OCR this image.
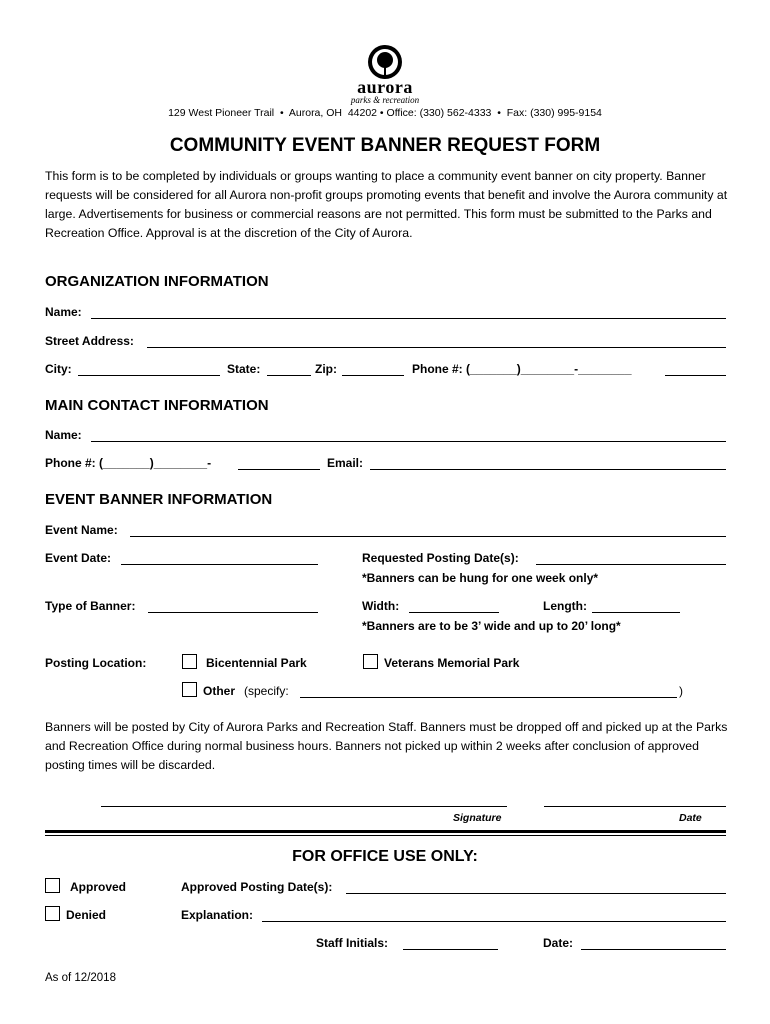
aurora
parks & recreation
129 West Pioneer Trail  •  Aurora, OH  44202 • Office: (330) 562-4333  •  Fax: (330) 995-9154
COMMUNITY EVENT BANNER REQUEST FORM
This form is to be completed by individuals or groups wanting to place a community event banner on city property. Banner requests will be considered for all Aurora non-profit groups promoting events that benefit and involve the Aurora community at large. Advertisements for business or commercial reasons are not permitted. This form must be submitted to the Parks and Recreation Office. Approval is at the discretion of the City of Aurora.
ORGANIZATION INFORMATION
Name:
Street Address:
City:	State:	Zip:	Phone #: (_______)________-________
MAIN CONTACT INFORMATION
Name:
Phone #: (_______)________-	Email:
EVENT BANNER INFORMATION
Event Name:
Event Date:	Requested Posting Date(s):
*Banners can be hung for one week only*
Type of Banner:	Width:	Length:
*Banners are to be 3’ wide and up to 20’ long*
Posting Location:	Bicentennial Park	Veterans Memorial Park
Other (specify:	)
Banners will be posted by City of Aurora Parks and Recreation Staff. Banners must be dropped off and picked up at the Parks and Recreation Office during normal business hours. Banners not picked up within 2 weeks after conclusion of approved posting times will be discarded.
Signature	Date
FOR OFFICE USE ONLY:
Approved	Approved Posting Date(s):
Denied	Explanation:
Staff Initials:	Date:
As of 12/2018
